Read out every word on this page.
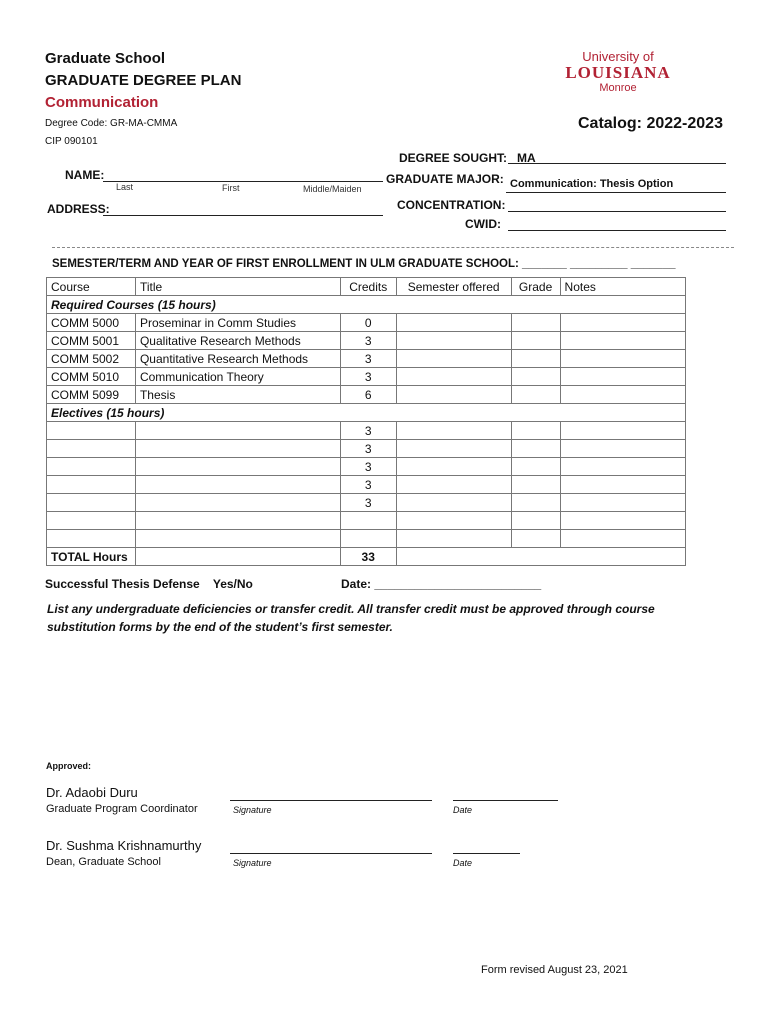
Graduate School
GRADUATE DEGREE PLAN
Communication
Degree Code: GR-MA-CMMA
CIP 090101
Catalog: 2022-2023
University of
LOUISIANA
Monroe
NAME:
Last	First	Middle/Maiden
ADDRESS:
DEGREE SOUGHT: MA
GRADUATE MAJOR: Communication: Thesis Option
CONCENTRATION:
CWID:
SEMESTER/TERM AND YEAR OF FIRST ENROLLMENT IN ULM GRADUATE SCHOOL: _______ _________ _______
Course	Title	Credits	Semester offered	Grade	Notes
Required Courses (15 hours)					
COMM 5000	Proseminar in Comm Studies	0			
COMM 5001	Qualitative Research Methods	3			
COMM 5002	Quantitative Research Methods	3			
COMM 5010	Communication Theory	3			
COMM 5099	Thesis	6			
Electives (15 hours)					
		3			
		3			
		3			
		3			
		3			

TOTAL Hours		33			
Successful Thesis Defense    Yes/No	Date: _________________________
List any undergraduate deficiencies or transfer credit. All transfer credit must be approved through course substitution forms by the end of the student’s first semester.
Approved:
Dr. Adaobi Duru
Graduate Program Coordinator	Signature	Date
Dr. Sushma Krishnamurthy
Dean, Graduate School	Signature	Date
Form revised August 23, 2021
